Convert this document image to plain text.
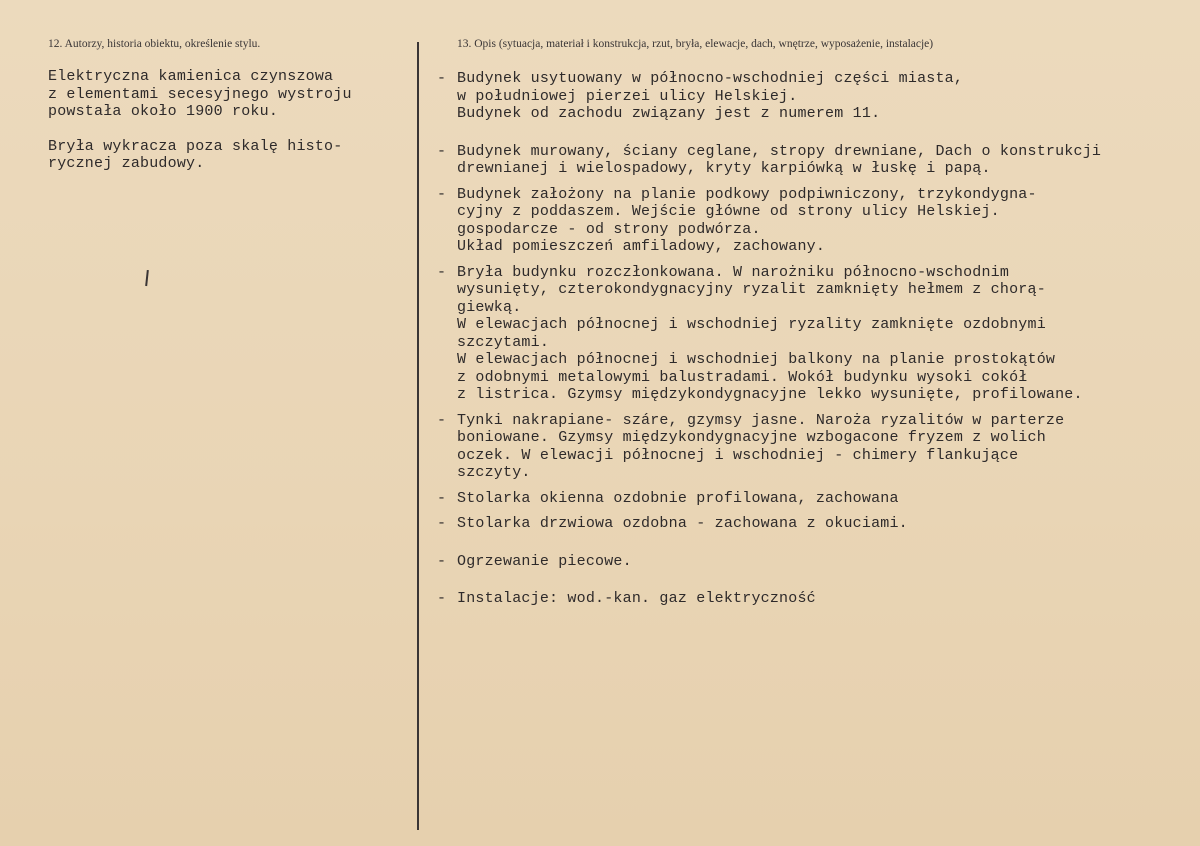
12. Autorzy, historia obiektu, określenie stylu.	13. Opis (sytuacja, materiał i konstrukcja, rzut, bryła, elewacje, dach, wnętrze, wyposażenie, instalacje)
Elektryczna kamienica czynszowa
z elementami secesyjnego wystroju
powstała około 1900 roku.
Bryła wykracza poza skalę histo-
rycznej zabudowy.
- Budynek usytuowany w północno-wschodniej części miasta,
w południowej pierzei ulicy Helskiej.
Budynek od zachodu związany jest z numerem 11.
- Budynek murowany, ściany ceglane, stropy drewniane, Dach o konstrukcji
drewnianej i wielospadowy, kryty karpiówką w łuskę i papą.
- Budynek założony na planie podkowy podpiwniczony, trzykondygna-
cyjny z poddaszem. Wejście główne od strony ulicy Helskiej.
gospodarcze - od strony podwórza.
Układ pomieszczeń amfiladowy, zachowany.
- Bryła budynku rozczłonkowana. W narożniku północno-wschodnim
wysunięty, czterokondygnacyjny ryzalit zamknięty hełmem z chorą-
giewką.
W elewacjach północnej i wschodniej ryzality zamknięte ozdobnymi
szczytami.
W elewacjach północnej i wschodniej balkony na planie prostokątów
z odobnymi metalowymi balustradami. Wokół budynku wysoki cokół
z listrica. Gzymsy międzykondygnacyjne lekko wysunięte, profilowane.
- Tynki nakrapiane- száre, gzymsy jasne. Naroża ryzalitów w parterze
boniowane. Gzymsy międzykondygnacyjne wzbogacone fryzem z wolich
oczek. W elewacji północnej i wschodniej - chimery flankujące
szczyty.
- Stolarka okienna ozdobnie profilowana, zachowana
- Stolarka drzwiowa ozdobna - zachowana z okuciami.
- Ogrzewanie piecowe.
- Instalacje: wod.-kan. gaz elektryczność
